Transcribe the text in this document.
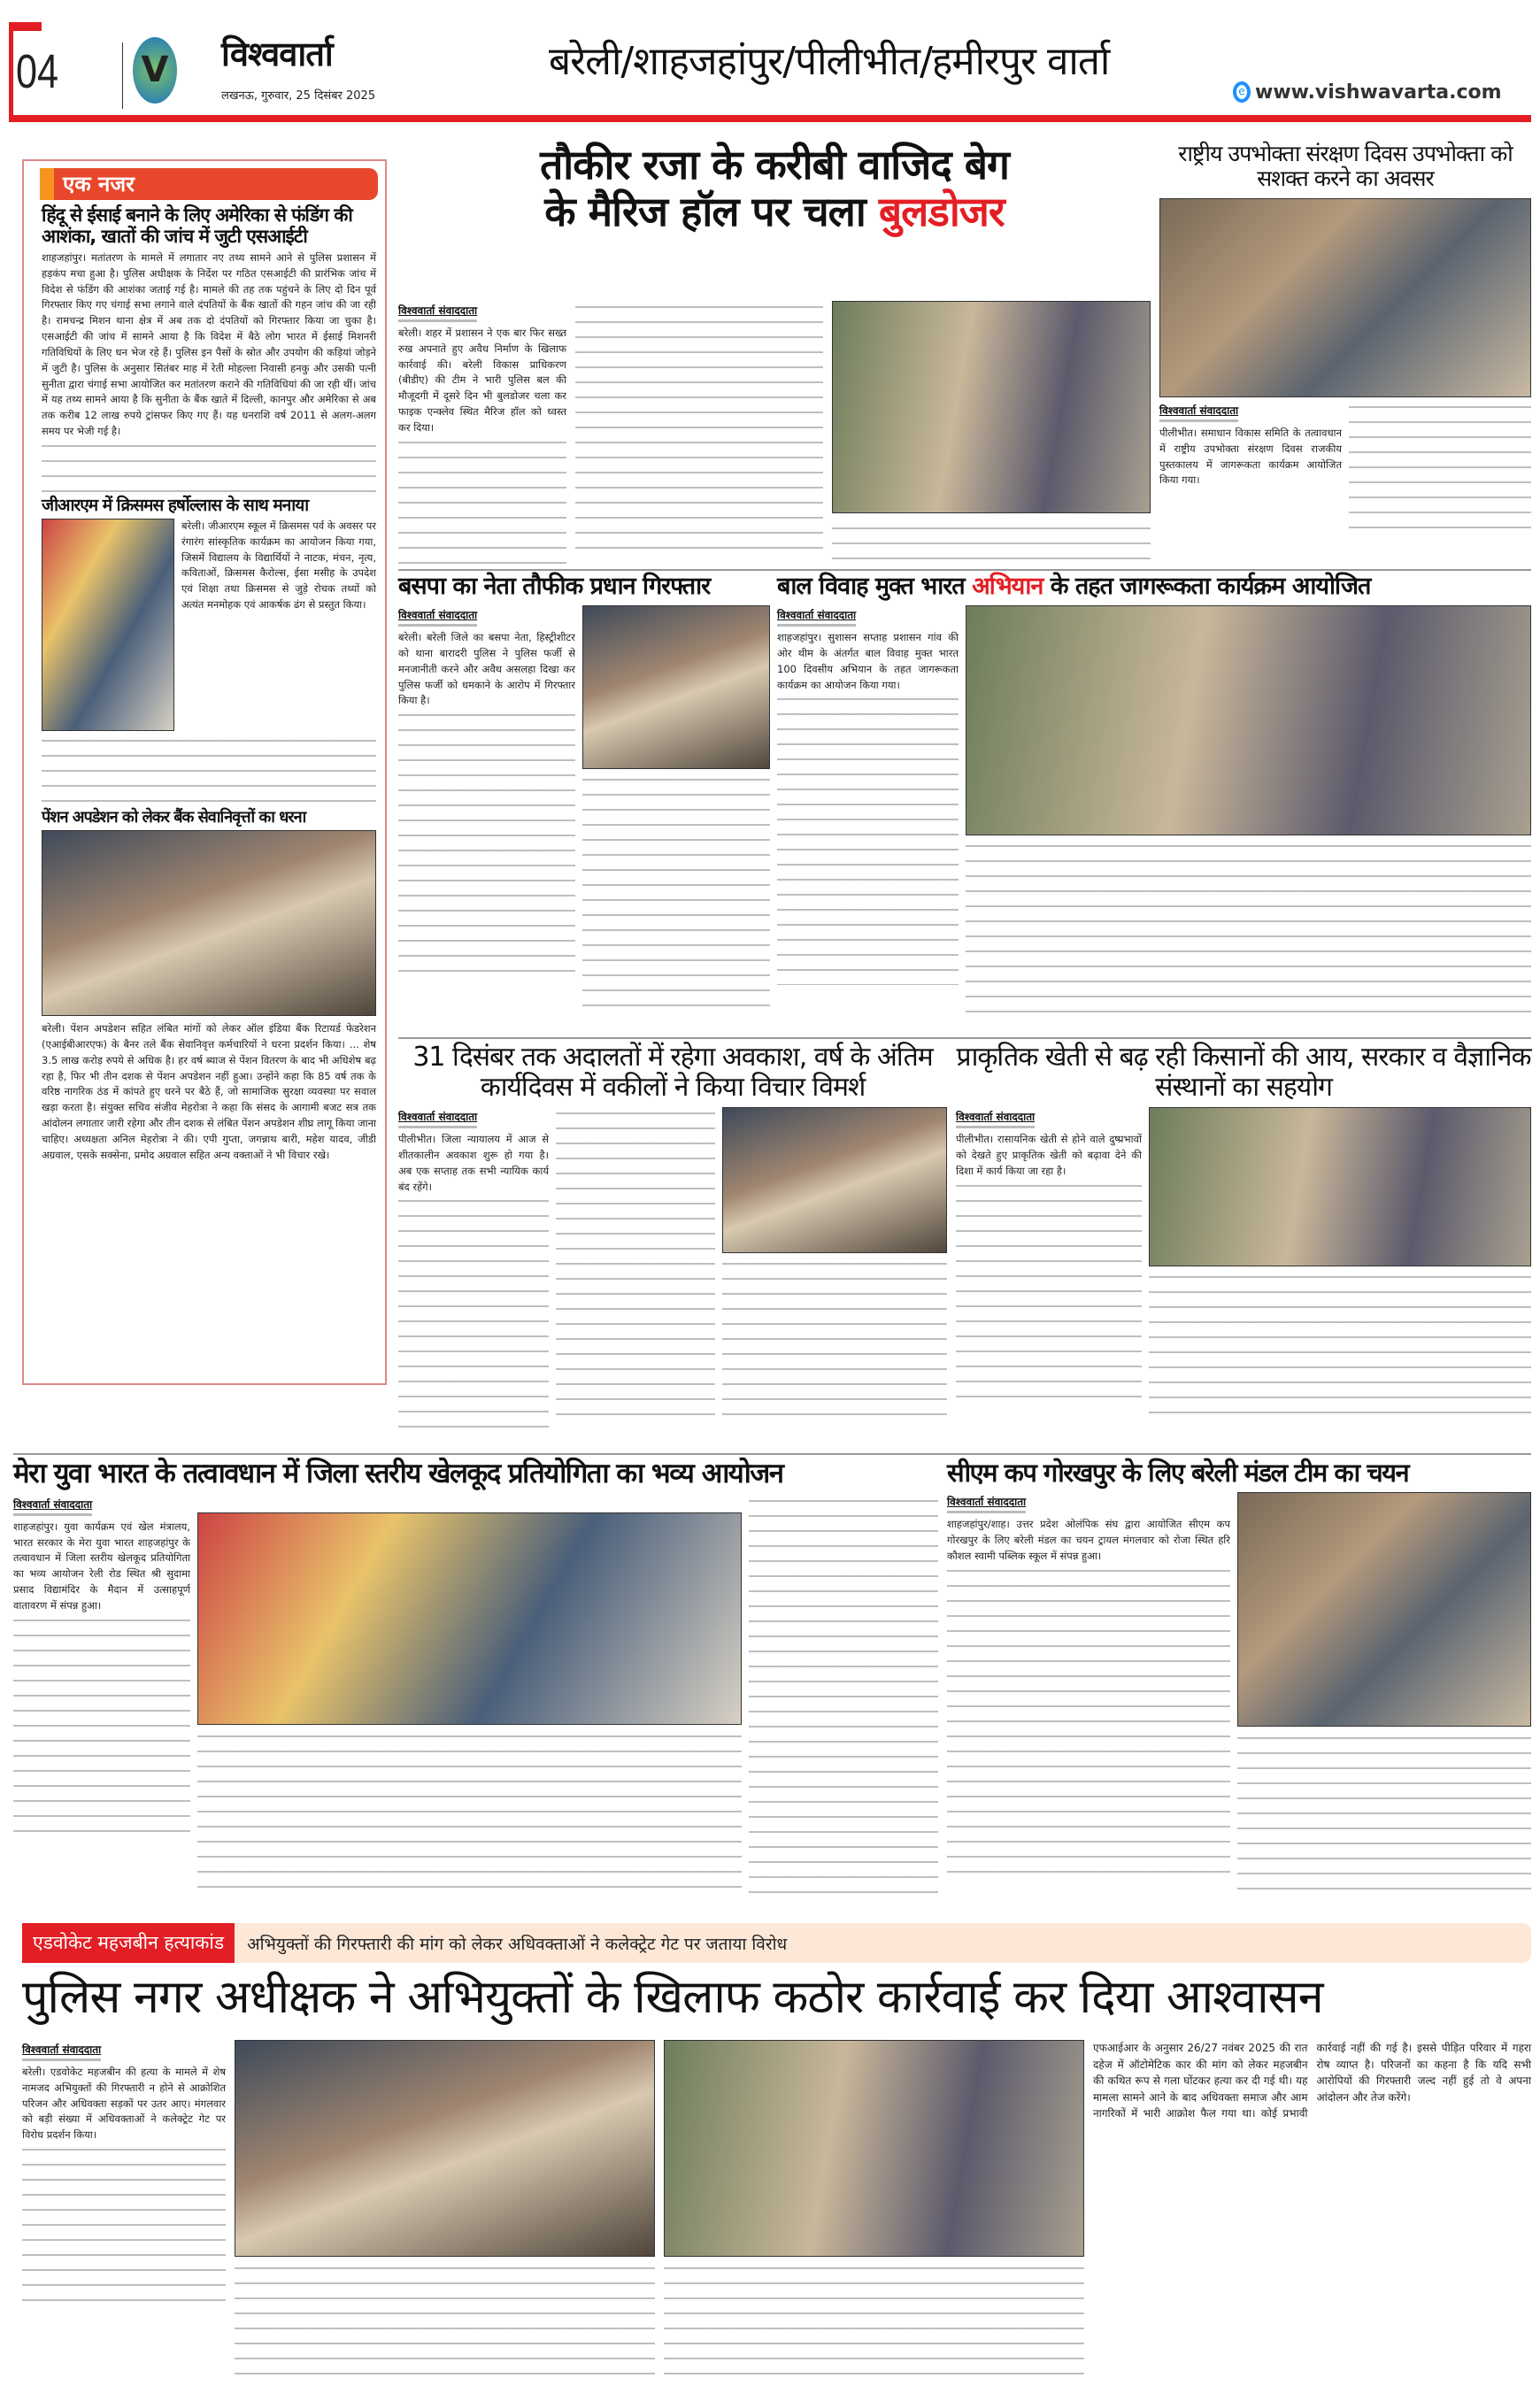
04 V विश्ववार्ता
लखनऊ, गुरुवार, 25 दिसंबर 2025
बरेली/शाहजहांपुर/पीलीभीत/हमीरपुर वार्ता
e www.vishwavarta.com
एक नजर
हिंदू से ईसाई बनाने के लिए अमेरिका से फंडिंग की आशंका, खातों की जांच में जुटी एसआईटी
शाहजहांपुर। मतांतरण के मामले में लगातार नए तथ्य सामने आने से पुलिस प्रशासन में हड़कंप मचा हुआ है। पुलिस अधीक्षक के निर्देश पर गठित एसआईटी की प्रारंभिक जांच में विदेश से फंडिंग की आशंका जताई गई है। मामले की तह तक पहुंचने के लिए दो दिन पूर्व गिरफ्तार किए गए चंगाई सभा लगाने वाले दंपतियों के बैंक खातों की गहन जांच की जा रही है। रामचन्द्र मिशन थाना क्षेत्र में अब तक दो दंपतियों को गिरफ्तार किया जा चुका है। एसआईटी की जांच में सामने आया है कि विदेश में बैठे लोग भारत में ईसाई मिशनरी गतिविधियों के लिए धन भेज रहे हैं। पुलिस इन पैसों के स्रोत और उपयोग की कड़ियां जोड़ने में जुटी है। पुलिस के अनुसार सितंबर माह में रेती मोहल्ला निवासी हनकु और उसकी पत्नी सुनीता द्वारा चंगाई सभा आयोजित कर मतांतरण कराने की गतिविधियां की जा रही थीं। जांच में यह तथ्य सामने आया है कि सुनीता के बैंक खाते में दिल्ली, कानपुर और अमेरिका से अब तक करीब 12 लाख रुपये ट्रांसफर किए गए हैं। यह धनराशि वर्ष 2011 से अलग-अलग समय पर भेजी गई है।
जीआरएम में क्रिसमस हर्षोल्लास के साथ मनाया
बरेली। जीआरएम स्कूल में क्रिसमस पर्व के अवसर पर रंगारंग सांस्कृतिक कार्यक्रम का आयोजन किया गया, जिसमें विद्यालय के विद्यार्थियों ने नाटक, मंचन, नृत्य, कविताओं, क्रिसमस कैरोल्स, ईसा मसीह के उपदेश एवं शिक्षा तथा क्रिसमस से जुड़े रोचक तथ्यों को अत्यंत मनमोहक एवं आकर्षक ढंग से प्रस्तुत किया।
पेंशन अपडेशन को लेकर बैंक सेवानिवृत्तों का धरना
बरेली। पेंशन अपडेशन सहित लंबित मांगों को लेकर ऑल इंडिया बैंक रिटायर्ड फेडरेशन (एआईबीआरएफ) के बैनर तले बैंक सेवानिवृत्त कर्मचारियों ने धरना प्रदर्शन किया। ... शेष 3.5 लाख करोड़ रुपये से अधिक है। हर वर्ष ब्याज से पेंशन वितरण के बाद भी अधिशेष बढ़ रहा है, फिर भी तीन दशक से पेंशन अपडेशन नहीं हुआ। उन्होंने कहा कि 85 वर्ष तक के वरिष्ठ नागरिक ठंड में कांपते हुए धरने पर बैठे हैं, जो सामाजिक सुरक्षा व्यवस्था पर सवाल खड़ा करता है। संयुक्त सचिव संजीव मेहरोत्रा ने कहा कि संसद के आगामी बजट सत्र तक आंदोलन लगातार जारी रहेगा और तीन दशक से लंबित पेंशन अपडेशन शीघ्र लागू किया जाना चाहिए। अध्यक्षता अनिल मेहरोत्रा ने की। एपी गुप्ता, जगन्नाथ बारी, महेश यादव, जीडी अग्रवाल, एसके सक्सेना, प्रमोद अग्रवाल सहित अन्य वक्ताओं ने भी विचार रखे।
तौकीर रजा के करीबी वाजिद बेग
के मैरिज हॉल पर चला बुलडोजर
विश्ववार्ता संवाददाता
बरेली। शहर में प्रशासन ने एक बार फिर सख्त रुख अपनाते हुए अवैध निर्माण के खिलाफ कार्रवाई की। बरेली विकास प्राधिकरण (बीडीए) की टीम ने भारी पुलिस बल की मौजूदगी में दूसरे दिन भी बुलडोजर चला कर फाइक एन्क्लेव स्थित मैरिज हॉल को ध्वस्त कर दिया।
राष्ट्रीय उपभोक्ता संरक्षण दिवस उपभोक्ता को सशक्त करने का अवसर
विश्ववार्ता संवाददाता
पीलीभीत। समाधान विकास समिति के तत्वावधान में राष्ट्रीय उपभोक्ता संरक्षण दिवस राजकीय पुस्तकालय में जागरूकता कार्यक्रम आयोजित किया गया।
बसपा का नेता तौफीक प्रधान गिरफ्तार
विश्ववार्ता संवाददाता
बरेली। बरेली जिले का बसपा नेता, हिस्ट्रीशीटर को थाना बारादरी पुलिस ने पुलिस फर्जी से मनजानीती करने और अवैध असलहा दिखा कर पुलिस फर्जी को धमकाने के आरोप में गिरफ्तार किया है।
बाल विवाह मुक्त भारत अभियान के तहत जागरूकता कार्यक्रम आयोजित
विश्ववार्ता संवाददाता
शाहजहांपुर। सुशासन सप्ताह प्रशासन गांव की ओर थीम के अंतर्गत बाल विवाह मुक्त भारत 100 दिवसीय अभियान के तहत जागरूकता कार्यक्रम का आयोजन किया गया।
31 दिसंबर तक अदालतों में रहेगा अवकाश, वर्ष के अंतिम कार्यदिवस में वकीलों ने किया विचार विमर्श
विश्ववार्ता संवाददाता
पीलीभीत। जिला न्यायालय में आज से शीतकालीन अवकाश शुरू हो गया है। अब एक सप्ताह तक सभी न्यायिक कार्य बंद रहेंगे।
प्राकृतिक खेती से बढ़ रही किसानों की आय, सरकार व वैज्ञानिक संस्थानों का सहयोग
विश्ववार्ता संवाददाता
पीलीभीत। रासायनिक खेती से होने वाले दुष्प्रभावों को देखते हुए प्राकृतिक खेती को बढ़ावा देने की दिशा में कार्य किया जा रहा है।
मेरा युवा भारत के तत्वावधान में जिला स्तरीय खेलकूद प्रतियोगिता का भव्य आयोजन
विश्ववार्ता संवाददाता
शाहजहांपुर। युवा कार्यक्रम एवं खेल मंत्रालय, भारत सरकार के मेरा युवा भारत शाहजहांपुर के तत्वावधान में जिला स्तरीय खेलकूद प्रतियोगिता का भव्य आयोजन रेली रोड स्थित श्री सुदामा प्रसाद विद्यामंदिर के मैदान में उत्साहपूर्ण वातावरण में संपन्न हुआ।
सीएम कप गोरखपुर के लिए बरेली मंडल टीम का चयन
विश्ववार्ता संवाददाता
शाहजहांपुर/शाह। उत्तर प्रदेश ओलंपिक संघ द्वारा आयोजित सीएम कप गोरखपुर के लिए बरेली मंडल का चयन ट्रायल मंगलवार को रोजा स्थित हरि कौशल स्वामी पब्लिक स्कूल में संपन्न हुआ।
एडवोकेट महजबीन हत्याकांड	अभियुक्तों की गिरफ्तारी की मांग को लेकर अधिवक्ताओं ने कलेक्ट्रेट गेट पर जताया विरोध
पुलिस नगर अधीक्षक ने अभियुक्तों के खिलाफ कठोर कार्रवाई कर दिया आश्वासन
विश्ववार्ता संवाददाता
बरेली। एडवोकेट महजबीन की हत्या के मामले में शेष नामजद अभियुक्तों की गिरफ्तारी न होने से आक्रोशित परिजन और अधिवक्ता सड़कों पर उतर आए। मंगलवार को बड़ी संख्या में अधिवक्ताओं ने कलेक्ट्रेट गेट पर विरोध प्रदर्शन किया।
एफआईआर के अनुसार 26/27 नवंबर 2025 की रात दहेज में ऑटोमेटिक कार की मांग को लेकर महजबीन की कथित रूप से गला घोंटकर हत्या कर दी गई थी। यह मामला सामने आने के बाद अधिवक्ता समाज और आम नागरिकों में भारी आक्रोश फैल गया था। कोई प्रभावी कार्रवाई नहीं की गई है। इससे पीड़ित परिवार में गहरा रोष व्याप्त है। परिजनों का कहना है कि यदि सभी आरोपियों की गिरफ्तारी जल्द नहीं हुई तो वे अपना आंदोलन और तेज करेंगे।
